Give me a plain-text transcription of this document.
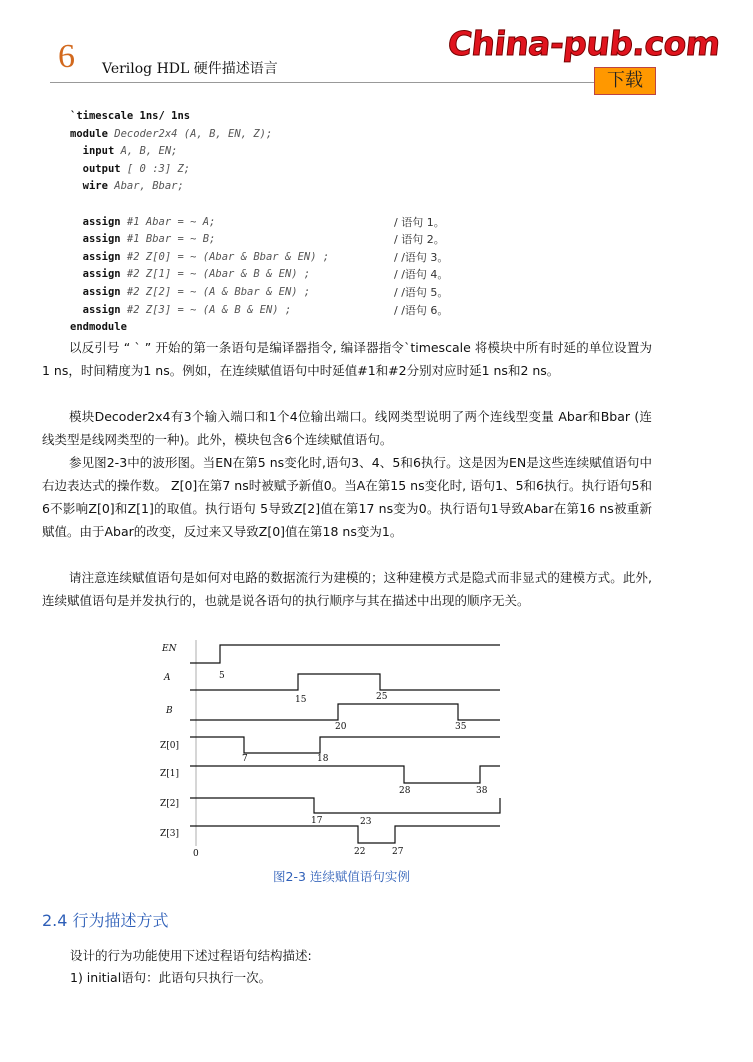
6 Verilog HDL 硬件描述语言
China-pub.com
下载
`timescale 1ns/ 1ns
module Decoder2x4 (A, B, EN, Z);
input A, B, EN;
output [ 0 :3] Z;
wire Abar, Bbar;

assign #1 Abar = ~ A;	/ 语句 1。
assign #1 Bbar = ~ B;	/ 语句 2。
assign #2 Z[0] = ~ (Abar & Bbar & EN) ;	/ /语句 3。
assign #2 Z[1] = ~ (Abar & B & EN) ;	/ /语句 4。
assign #2 Z[2] = ~ (A & Bbar & EN) ;	/ /语句 5。
assign #2 Z[3] = ~ (A & B & EN) ;	/ /语句 6。
endmodule
以反引号 “ ` ” 开始的第一条语句是编译器指令, 编译器指令`timescale 将模块中所有时延的单位设置为1 ns，时间精度为1 ns。例如，在连续赋值语句中时延值#1和#2分别对应时延1 ns和2 ns。
模块Decoder2x4有3个输入端口和1个4位输出端口。线网类型说明了两个连线型变量 Abar和Bbar (连线类型是线网类型的一种)。此外，模块包含6个连续赋值语句。
参见图2-3中的波形图。当EN在第5 ns变化时,语句3、4、5和6执行。这是因为EN是这些连续赋值语句中右边表达式的操作数。 Z[0]在第7 ns时被赋予新值0。当A在第15 ns变化时, 语句1、5和6执行。执行语句5和6不影响Z[0]和Z[1]的取值。执行语句 5导致Z[2]值在第17 ns变为0。执行语句1导致Abar在第16 ns被重新赋值。由于Abar的改变，反过来又导致Z[0]值在第18 ns变为1。
请注意连续赋值语句是如何对电路的数据流行为建模的；这种建模方式是隐式而非显式的建模方式。此外,连续赋值语句是并发执行的，也就是说各语句的执行顺序与其在描述中出现的顺序无关。
EN
A
B
Z[0]
Z[1]
Z[2]
Z[3]
5
15	25
20	35
7	18
28	38
17	23
0	22	27
图2-3 连续赋值语句实例
2.4 行为描述方式
设计的行为功能使用下述过程语句结构描述:
1) initial语句：此语句只执行一次。
